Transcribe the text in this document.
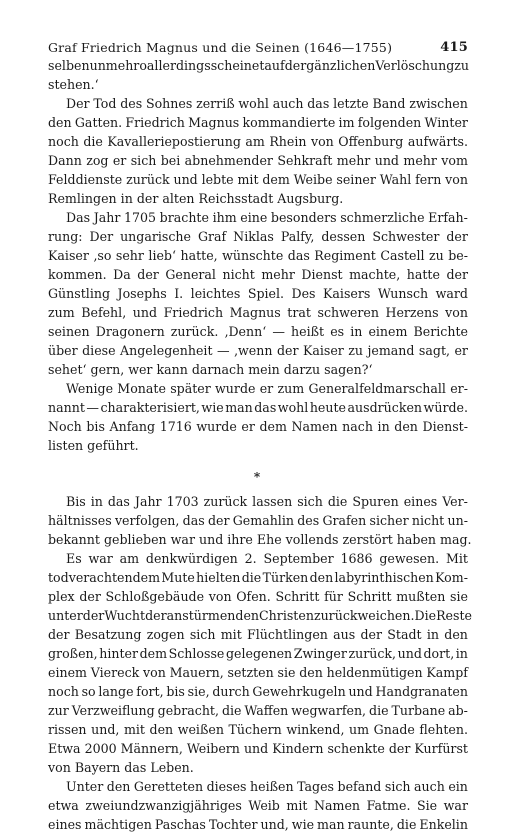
Graf Friedrich Magnus und die Seinen (1646—1755)	415
selbe nunmehro allerdings scheinet auf der gänzlichen Verlöschung zu
stehen.‘
Der Tod des Sohnes zerriß wohl auch das letzte Band zwischen
den Gatten. Friedrich Magnus kommandierte im folgenden Winter
noch die Kavalleriepostierung am Rhein von Offenburg aufwärts.
Dann zog er sich bei abnehmender Sehkraft mehr und mehr vom
Felddienste zurück und lebte mit dem Weibe seiner Wahl fern von
Remlingen in der alten Reichsstadt Augsburg.
Das Jahr 1705 brachte ihm eine besonders schmerzliche Erfah-
rung: Der ungarische Graf Niklas Palfy, dessen Schwester der
Kaiser ‚so sehr lieb‘ hatte, wünschte das Regiment Castell zu be-
kommen. Da der General nicht mehr Dienst machte, hatte der
Günstling Josephs I. leichtes Spiel. Des Kaisers Wunsch ward
zum Befehl, und Friedrich Magnus trat schweren Herzens von
seinen Dragonern zurück. ‚Denn‘ — heißt es in einem Berichte
über diese Angelegenheit — ‚wenn der Kaiser zu jemand sagt, er
sehet‘ gern, wer kann darnach mein darzu sagen?‘
Wenige Monate später wurde er zum Generalfeldmarschall er-
nannt — charakterisiert, wie man das wohl heute ausdrücken würde.
Noch bis Anfang 1716 wurde er dem Namen nach in den Dienst-
listen geführt.
*
Bis in das Jahr 1703 zurück lassen sich die Spuren eines Ver-
hältnisses verfolgen, das der Gemahlin des Grafen sicher nicht un-
bekannt geblieben war und ihre Ehe vollends zerstört haben mag.
Es war am denkwürdigen 2. September 1686 gewesen. Mit
todverachtendem Mute hielten die Türken den labyrinthischen Kom-
plex der Schloßgebäude von Ofen. Schritt für Schritt mußten sie
unter der Wucht der anstürmenden Christen zurückweichen. Die Reste
der Besatzung zogen sich mit Flüchtlingen aus der Stadt in den
großen, hinter dem Schlosse gelegenen Zwinger zurück, und dort, in
einem Viereck von Mauern, setzten sie den heldenmütigen Kampf
noch so lange fort, bis sie, durch Gewehrkugeln und Handgranaten
zur Verzweiflung gebracht, die Waffen wegwarfen, die Turbane ab-
rissen und, mit den weißen Tüchern winkend, um Gnade flehten.
Etwa 2000 Männern, Weibern und Kindern schenkte der Kurfürst
von Bayern das Leben.
Unter den Geretteten dieses heißen Tages befand sich auch ein
etwa zweiundzwanzigjähriges Weib mit Namen Fatme. Sie war
eines mächtigen Paschas Tochter und, wie man raunte, die Enkelin
